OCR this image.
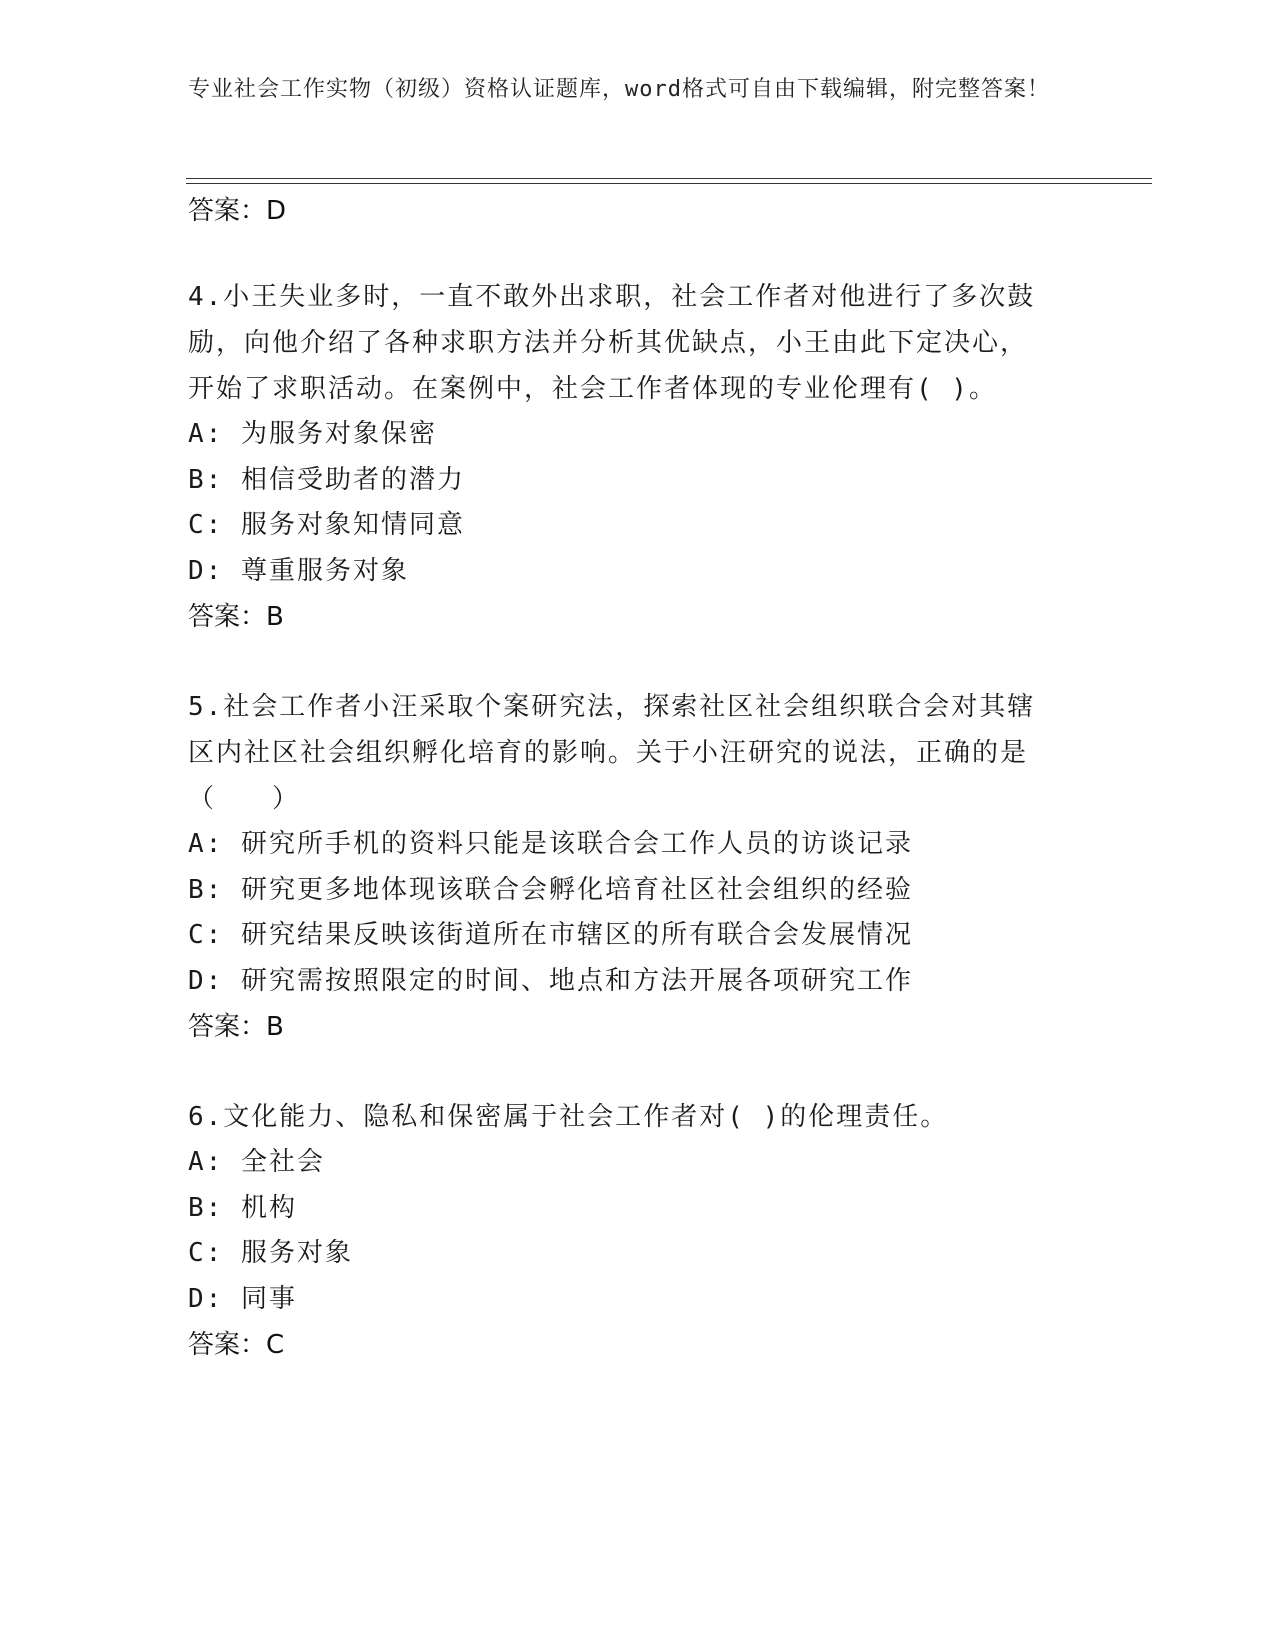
专业社会工作实物（初级）资格认证题库，word格式可自由下载编辑，附完整答案！
答案：D
4.小王失业多时，一直不敢外出求职，社会工作者对他进行了多次鼓
励，向他介绍了各种求职方法并分析其优缺点，小王由此下定决心，
开始了求职活动。在案例中，社会工作者体现的专业伦理有( )。
A: 为服务对象保密
B: 相信受助者的潜力
C: 服务对象知情同意
D: 尊重服务对象
答案：B
5.社会工作者小汪采取个案研究法，探索社区社会组织联合会对其辖
区内社区社会组织孵化培育的影响。关于小汪研究的说法，正确的是
（　　）
A: 研究所手机的资料只能是该联合会工作人员的访谈记录
B: 研究更多地体现该联合会孵化培育社区社会组织的经验
C: 研究结果反映该街道所在市辖区的所有联合会发展情况
D: 研究需按照限定的时间、地点和方法开展各项研究工作
答案：B
6.文化能力、隐私和保密属于社会工作者对( )的伦理责任。
A: 全社会
B: 机构
C: 服务对象
D: 同事
答案：C
